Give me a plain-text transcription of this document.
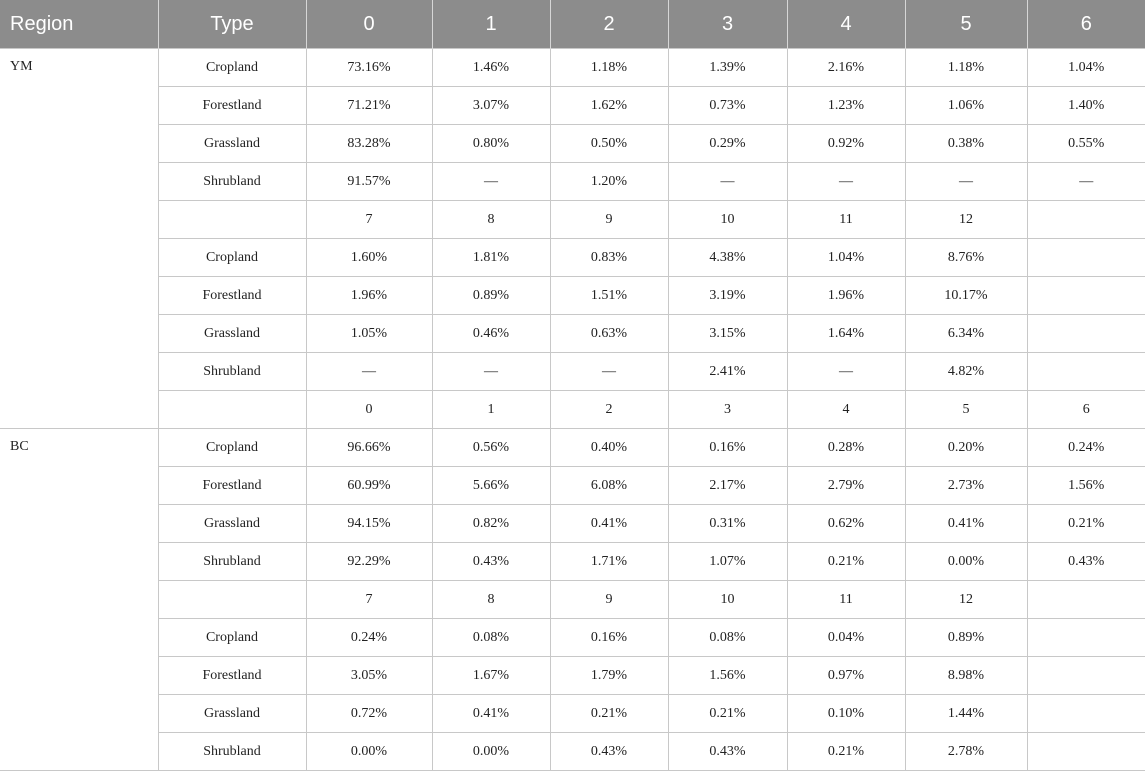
Region	Type	0	1	2	3	4	5	6
YM	Cropland	73.16%	1.46%	1.18%	1.39%	2.16%	1.18%	1.04%
	Forestland	71.21%	3.07%	1.62%	0.73%	1.23%	1.06%	1.40%
	Grassland	83.28%	0.80%	0.50%	0.29%	0.92%	0.38%	0.55%
	Shrubland	91.57%	—	1.20%	—	—	—	—
		7	8	9	10	11	12	
	Cropland	1.60%	1.81%	0.83%	4.38%	1.04%	8.76%	
	Forestland	1.96%	0.89%	1.51%	3.19%	1.96%	10.17%	
	Grassland	1.05%	0.46%	0.63%	3.15%	1.64%	6.34%	
	Shrubland	—	—	—	2.41%	—	4.82%	
		0	1	2	3	4	5	6
BC	Cropland	96.66%	0.56%	0.40%	0.16%	0.28%	0.20%	0.24%
	Forestland	60.99%	5.66%	6.08%	2.17%	2.79%	2.73%	1.56%
	Grassland	94.15%	0.82%	0.41%	0.31%	0.62%	0.41%	0.21%
	Shrubland	92.29%	0.43%	1.71%	1.07%	0.21%	0.00%	0.43%
		7	8	9	10	11	12	
	Cropland	0.24%	0.08%	0.16%	0.08%	0.04%	0.89%	
	Forestland	3.05%	1.67%	1.79%	1.56%	0.97%	8.98%	
	Grassland	0.72%	0.41%	0.21%	0.21%	0.10%	1.44%	
	Shrubland	0.00%	0.00%	0.43%	0.43%	0.21%	2.78%	
